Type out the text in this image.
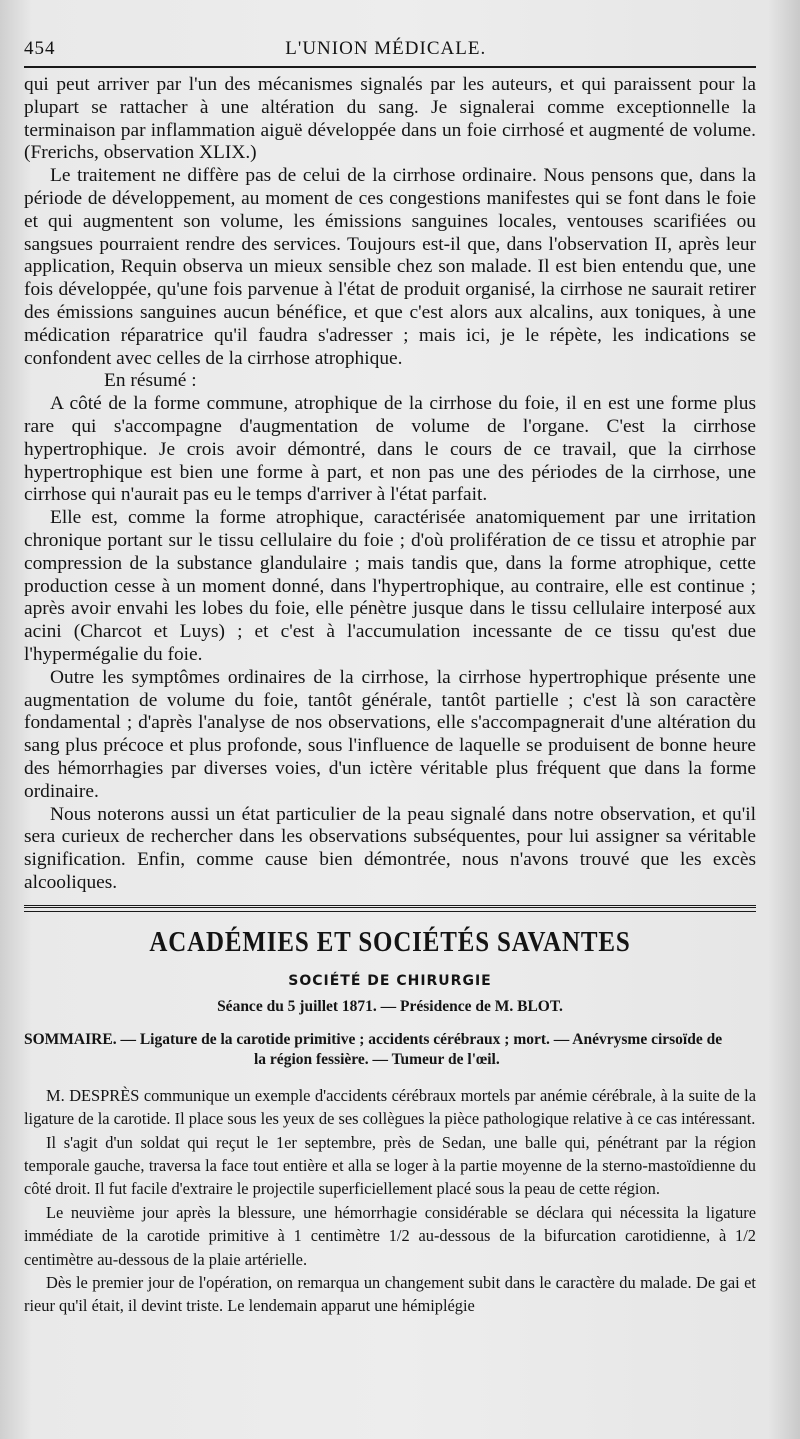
454	L'UNION MÉDICALE.

qui peut arriver par l'un des mécanismes signalés par les auteurs, et qui paraissent pour la plupart se rattacher à une altération du sang. Je signalerai comme exceptionnelle la terminaison par inflammation aiguë développée dans un foie cirrhosé et augmenté de volume. (Frerichs, observation XLIX.)

Le traitement ne diffère pas de celui de la cirrhose ordinaire. Nous pensons que, dans la période de développement, au moment de ces congestions manifestes qui se font dans le foie et qui augmentent son volume, les émissions sanguines locales, ventouses scarifiées ou sangsues pourraient rendre des services. Toujours est-il que, dans l'observation II, après leur application, Requin observa un mieux sensible chez son malade. Il est bien entendu que, une fois développée, qu'une fois parvenue à l'état de produit organisé, la cirrhose ne saurait retirer des émissions sanguines aucun bénéfice, et que c'est alors aux alcalins, aux toniques, à une médication réparatrice qu'il faudra s'adresser ; mais ici, je le répète, les indications se confondent avec celles de la cirrhose atrophique.

En résumé :

A côté de la forme commune, atrophique de la cirrhose du foie, il en est une forme plus rare qui s'accompagne d'augmentation de volume de l'organe. C'est la cirrhose hypertrophique. Je crois avoir démontré, dans le cours de ce travail, que la cirrhose hypertrophique est bien une forme à part, et non pas une des périodes de la cirrhose, une cirrhose qui n'aurait pas eu le temps d'arriver à l'état parfait.

Elle est, comme la forme atrophique, caractérisée anatomiquement par une irritation chronique portant sur le tissu cellulaire du foie ; d'où prolifération de ce tissu et atrophie par compression de la substance glandulaire ; mais tandis que, dans la forme atrophique, cette production cesse à un moment donné, dans l'hypertrophique, au contraire, elle est continue ; après avoir envahi les lobes du foie, elle pénètre jusque dans le tissu cellulaire interposé aux acini (Charcot et Luys) ; et c'est à l'accumulation incessante de ce tissu qu'est due l'hypermégalie du foie.

Outre les symptômes ordinaires de la cirrhose, la cirrhose hypertrophique présente une augmentation de volume du foie, tantôt générale, tantôt partielle ; c'est là son caractère fondamental ; d'après l'analyse de nos observations, elle s'accompagnerait d'une altération du sang plus précoce et plus profonde, sous l'influence de laquelle se produisent de bonne heure des hémorrhagies par diverses voies, d'un ictère véritable plus fréquent que dans la forme ordinaire.

Nous noterons aussi un état particulier de la peau signalé dans notre observation, et qu'il sera curieux de rechercher dans les observations subséquentes, pour lui assigner sa véritable signification. Enfin, comme cause bien démontrée, nous n'avons trouvé que les excès alcooliques.

ACADÉMIES ET SOCIÉTÉS SAVANTES
SOCIÉTÉ DE CHIRURGIE
Séance du 5 juillet 1871. — Présidence de M. BLOT.
SOMMAIRE. — Ligature de la carotide primitive ; accidents cérébraux ; mort. — Anévrysme cirsoïde de
la région fessière. — Tumeur de l'œil.

M. DESPRÈS communique un exemple d'accidents cérébraux mortels par anémie cérébrale, à la suite de la ligature de la carotide. Il place sous les yeux de ses collègues la pièce pathologique relative à ce cas intéressant.

Il s'agit d'un soldat qui reçut le 1er septembre, près de Sedan, une balle qui, pénétrant par la région temporale gauche, traversa la face tout entière et alla se loger à la partie moyenne de la sterno-mastoïdienne du côté droit. Il fut facile d'extraire le projectile superficiellement placé sous la peau de cette région.

Le neuvième jour après la blessure, une hémorrhagie considérable se déclara qui nécessita la ligature immédiate de la carotide primitive à 1 centimètre 1/2 au-dessous de la bifurcation carotidienne, à 1/2 centimètre au-dessous de la plaie artérielle.

Dès le premier jour de l'opération, on remarqua un changement subit dans le caractère du malade. De gai et rieur qu'il était, il devint triste. Le lendemain apparut une hémiplégie
